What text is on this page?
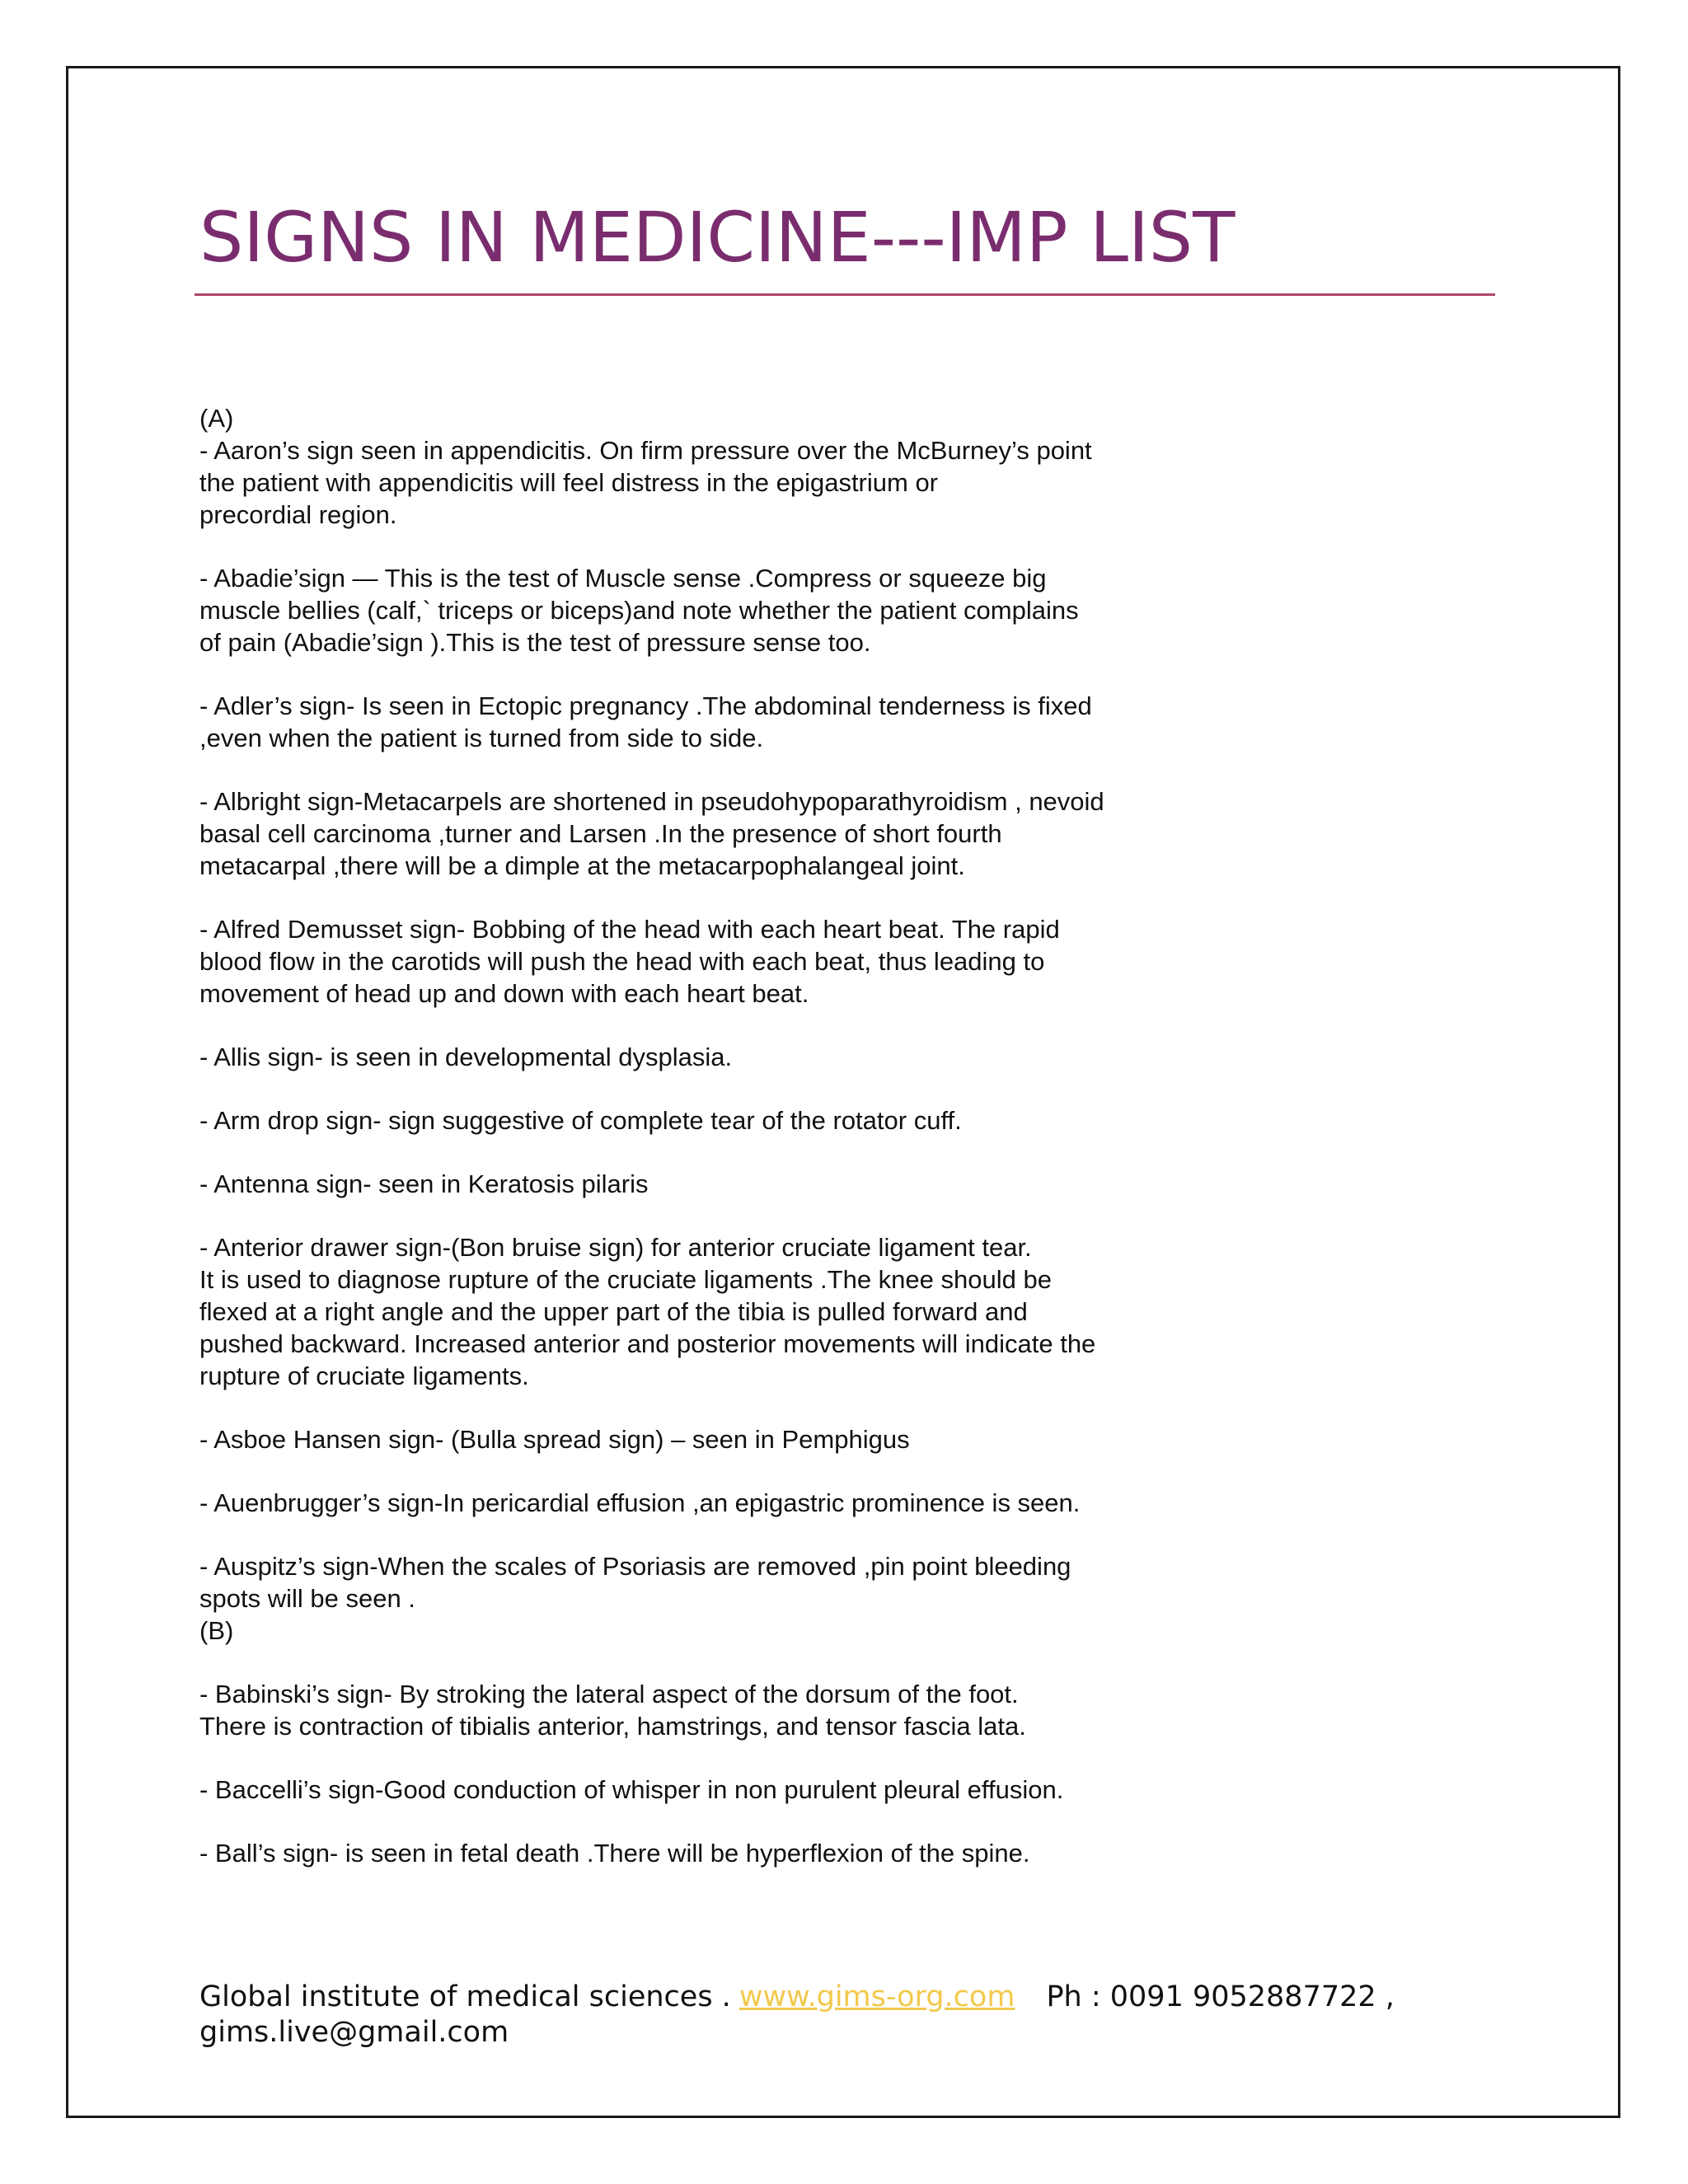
SIGNS IN MEDICINE---IMP LIST

(A)

- Aaron’s sign seen in appendicitis. On firm pressure over the McBurney’s point
the patient with appendicitis will feel distress in the epigastrium or
precordial region.

- Abadie’sign — This is the test of Muscle sense .Compress or squeeze big
muscle bellies (calf,` triceps or biceps)and note whether the patient complains
of pain (Abadie’sign ).This is the test of pressure sense too.

- Adler’s sign- Is seen in Ectopic pregnancy .The abdominal tenderness is fixed
,even when the patient is turned from side to side.

- Albright sign-Metacarpels are shortened in pseudohypoparathyroidism , nevoid
basal cell carcinoma ,turner and Larsen .In the presence of short fourth
metacarpal ,there will be a dimple at the metacarpophalangeal joint.

- Alfred Demusset sign- Bobbing of the head with each heart beat. The rapid
blood flow in the carotids will push the head with each beat, thus leading to
movement of head up and down with each heart beat.

- Allis sign- is seen in developmental dysplasia.

- Arm drop sign- sign suggestive of complete tear of the rotator cuff.

- Antenna sign- seen in Keratosis pilaris

- Anterior drawer sign-(Bon bruise sign) for anterior cruciate ligament tear.
It is used to diagnose rupture of the cruciate ligaments .The knee should be
flexed at a right angle and the upper part of the tibia is pulled forward and
pushed backward. Increased anterior and posterior movements will indicate the
rupture of cruciate ligaments.

- Asboe Hansen sign- (Bulla spread sign) – seen in Pemphigus

- Auenbrugger’s sign-In pericardial effusion ,an epigastric prominence is seen.

- Auspitz’s sign-When the scales of Psoriasis are removed ,pin point bleeding
spots will be seen .

(B)

- Babinski’s sign- By stroking the lateral aspect of the dorsum of the foot.
There is contraction of tibialis anterior, hamstrings, and tensor fascia lata.

- Baccelli’s sign-Good conduction of whisper in non purulent pleural effusion.

- Ball’s sign- is seen in fetal death .There will be hyperflexion of the spine.

Global institute of medical sciences . www.gims-org.com Ph : 0091 9052887722 ,
gims.live@gmail.com
